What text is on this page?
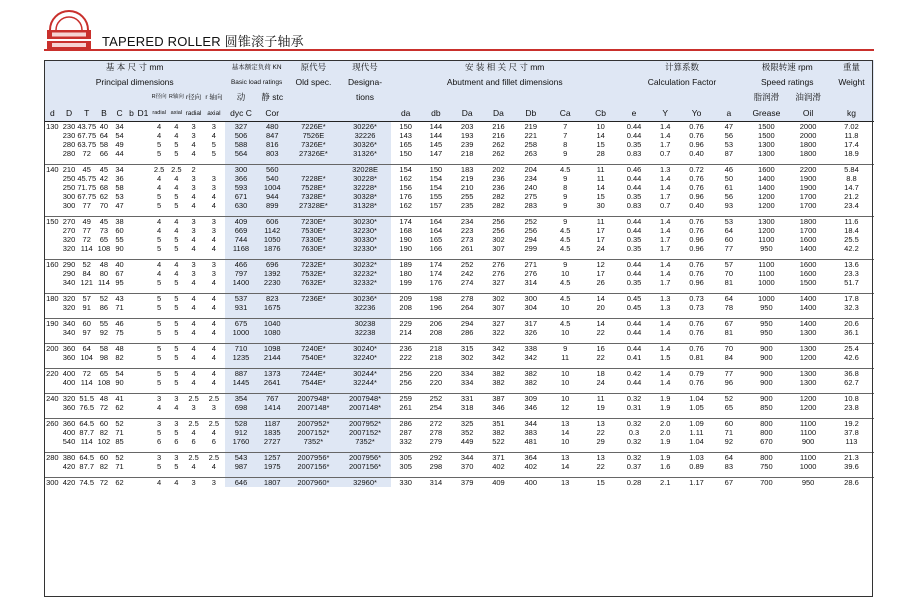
TAPERED ROLLER 圆锥滚子轴承
基 本 尺 寸 mm											基本额定负荷 KN		原代号	现代号	安 装 相 关 尺 寸 mm							计算系数				极限转速 rpm		重量
Principal dimensions											Basic load ratings		Old spec.	Designa-	Abutment and fillet dimensions							Calculation Factor				Speed ratings		Weight
							R径向	R轴向	r径向	r 轴向	动	静 stc		tions												脂润滑	油润滑	
d	D	T	B	C	b	D1	radial	axial	radial	axial	dyc C	Cor			da	db	Da	Da	Db	Ca	Cb	e	Y	Yo	a	Grease	Oil	kg
130	230	43.75	40	34			4	4	3	3	327	480	7226E*	30226*	150	144	203	216	219	7	10	0.44	1.4	0.76	47	1500	2000	7.02
	230	67.75	64	54			4	4	3	4	506	847	7526E	32226	143	144	193	216	221	7	14	0.44	1.4	0.76	56	1500	2000	11.8
	280	63.75	58	49			5	5	4	5	588	816	7326E*	30326*	165	145	239	262	258	8	15	0.35	1.7	0.96	53	1300	1800	17.4
	280	72	66	44			5	5	4	5	564	803	27326E*	31326*	150	147	218	262	263	9	28	0.83	0.7	0.40	87	1300	1800	18.9

140	210	45	45	34			2.5	2.5	2		300	560		32028E	154	150	183	202	204	4.5	11	0.46	1.3	0.72	46	1600	2200	5.84
	250	45.75	42	36			4	4	3	3	366	540	7228E*	30228*	162	154	219	236	234	9	11	0.44	1.4	0.76	50	1400	1900	8.8
	250	71.75	68	58			4	4	3	3	593	1004	7528E*	32228*	156	154	210	236	240	8	14	0.44	1.4	0.76	61	1400	1900	14.7
	300	67.75	62	53			5	5	4	4	671	944	7328E*	30328*	176	155	255	282	275	9	15	0.35	1.7	0.96	56	1200	1700	21.2
	300	77	70	47			5	5	4	4	630	899	27328E*	31328*	162	157	235	282	283	9	30	0.83	0.7	0.40	93	1200	1700	23.4

150	270	49	45	38			4	4	3	3	409	606	7230E*	30230*	174	164	234	256	252	9	11	0.44	1.4	0.76	53	1300	1800	11.6
	270	77	73	60			4	4	3	3	669	1142	7530E*	32230*	168	164	223	256	256	4.5	17	0.44	1.4	0.76	64	1200	1700	18.4
	320	72	65	55			5	5	4	4	744	1050	7330E*	30330*	190	165	273	302	294	4.5	17	0.35	1.7	0.96	60	1100	1600	25.5
	320	114	108	90			5	5	4	4	1168	1876	7630E*	32330*	190	166	261	307	299	4.5	24	0.35	1.7	0.96	77	950	1400	42.2

160	290	52	48	40			4	4	3	3	466	696	7232E*	30232*	189	174	252	276	271	9	12	0.44	1.4	0.76	57	1100	1600	13.6
	290	84	80	67			4	4	3	3	797	1392	7532E*	32232*	180	174	242	276	276	10	17	0.44	1.4	0.76	70	1100	1600	23.3
	340	121	114	95			5	5	4	4	1400	2230	7632E*	32332*	199	176	274	327	314	4.5	26	0.35	1.7	0.96	81	1000	1500	51.7

180	320	57	52	43			5	5	4	4	537	823	7236E*	30236*	209	198	278	302	300	4.5	14	0.45	1.3	0.73	64	1000	1400	17.8
	320	91	86	71			5	5	4	4	931	1675		32236	208	196	264	307	304	10	20	0.45	1.3	0.73	78	950	1400	32.3

190	340	60	55	46			5	5	4	4	675	1040		30238	229	206	294	327	317	4.5	14	0.44	1.4	0.76	67	950	1400	20.6
	340	97	92	75			5	5	4	4	1000	1080		32238	214	208	286	322	326	10	22	0.44	1.4	0.76	81	950	1300	36.1

200	360	64	58	48			5	5	4	4	710	1098	7240E*	30240*	236	218	315	342	338	9	16	0.44	1.4	0.76	70	900	1300	25.4
	360	104	98	82			5	5	4	4	1235	2144	7540E*	32240*	222	218	302	342	342	11	22	0.41	1.5	0.81	84	900	1200	42.6

220	400	72	65	54			5	5	4	4	887	1373	7244E*	30244*	256	220	334	382	382	10	18	0.42	1.4	0.79	77	900	1300	36.8
	400	114	108	90			5	5	4	4	1445	2641	7544E*	32244*	256	220	334	382	382	10	24	0.44	1.4	0.76	96	900	1300	62.7

240	320	51.5	48	41			3	3	2.5	2.5	354	767	2007948*	2007948*	259	252	331	387	309	10	11	0.32	1.9	1.04	52	900	1200	10.8
	360	76.5	72	62			4	4	3	3	698	1414	2007148*	2007148*	261	254	318	346	346	12	19	0.31	1.9	1.05	65	850	1200	23.8

260	360	64.5	60	52			3	3	2.5	2.5	528	1187	2007952*	2007952*	286	272	325	351	344	13	13	0.32	2.0	1.09	60	800	1100	19.2
	400	87.7	82	71			5	5	4	4	912	1835	2007152*	2007152*	287	278	352	382	383	14	22	0.3	2.0	1.11	71	800	1100	37.8
	540	114	102	85			6	6	6	6	1760	2727	7352*	7352*	332	279	449	522	481	10	29	0.32	1.9	1.04	92	670	900	113

280	380	64.5	60	52			3	3	2.5	2.5	543	1257	2007956*	2007956*	305	292	344	371	364	13	13	0.32	1.9	1.03	64	800	1100	21.3
	420	87.7	82	71			5	5	4	4	987	1975	2007156*	2007156*	305	298	370	402	402	14	22	0.37	1.6	0.89	83	750	1000	39.6

300	420	74.5	72	62			4	4	3	3	646	1807	2007960*	32960*	330	314	379	409	400	13	15	0.28	2.1	1.17	67	700	950	28.6
